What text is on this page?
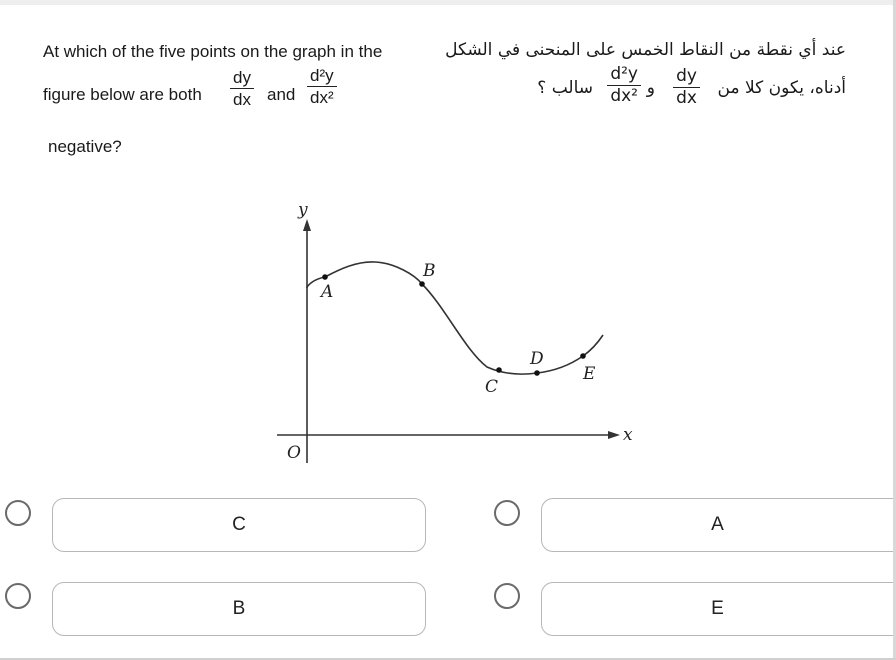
At which of the five points on the graph in the
figure below are both
dy
dx and
d²y
dx²
negative?
عند أي نقطة من النقاط الخمس على المنحنى في الشكل
أدناه، يكون كلا من
dy
dx
و
d²y
dx²
سالب ؟
y
x
O
A
B
C
D
E
C	A
B	E
